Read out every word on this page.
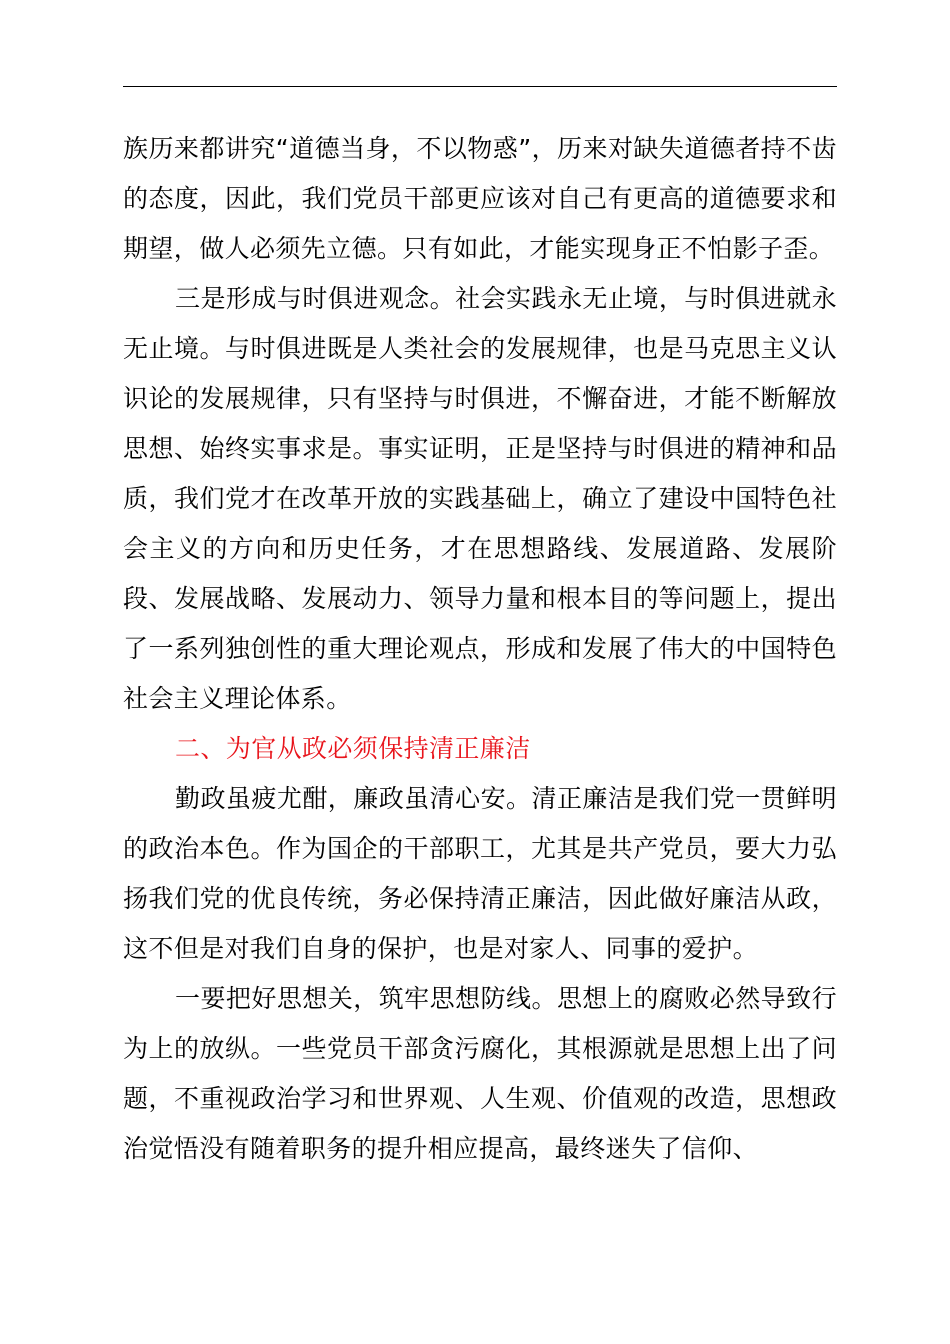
族历来都讲究“道德当身，不以物惑”，历来对缺失道德者持不齿的态度，因此，我们党员干部更应该对自己有更高的道德要求和期望，做人必须先立德。只有如此，才能实现身正不怕影子歪。

三是形成与时俱进观念。社会实践永无止境，与时俱进就永无止境。与时俱进既是人类社会的发展规律，也是马克思主义认识论的发展规律，只有坚持与时俱进，不懈奋进，才能不断解放思想、始终实事求是。事实证明，正是坚持与时俱进的精神和品质，我们党才在改革开放的实践基础上，确立了建设中国特色社会主义的方向和历史任务，才在思想路线、发展道路、发展阶段、发展战略、发展动力、领导力量和根本目的等问题上，提出了一系列独创性的重大理论观点，形成和发展了伟大的中国特色社会主义理论体系。

二、为官从政必须保持清正廉洁

勤政虽疲尤酣，廉政虽清心安。清正廉洁是我们党一贯鲜明的政治本色。作为国企的干部职工，尤其是共产党员，要大力弘扬我们党的优良传统，务必保持清正廉洁，因此做好廉洁从政，这不但是对我们自身的保护，也是对家人、同事的爱护。

一要把好思想关，筑牢思想防线。思想上的腐败必然导致行为上的放纵。一些党员干部贪污腐化，其根源就是思想上出了问题，不重视政治学习和世界观、人生观、价值观的改造，思想政治觉悟没有随着职务的提升相应提高，最终迷失了信仰、
